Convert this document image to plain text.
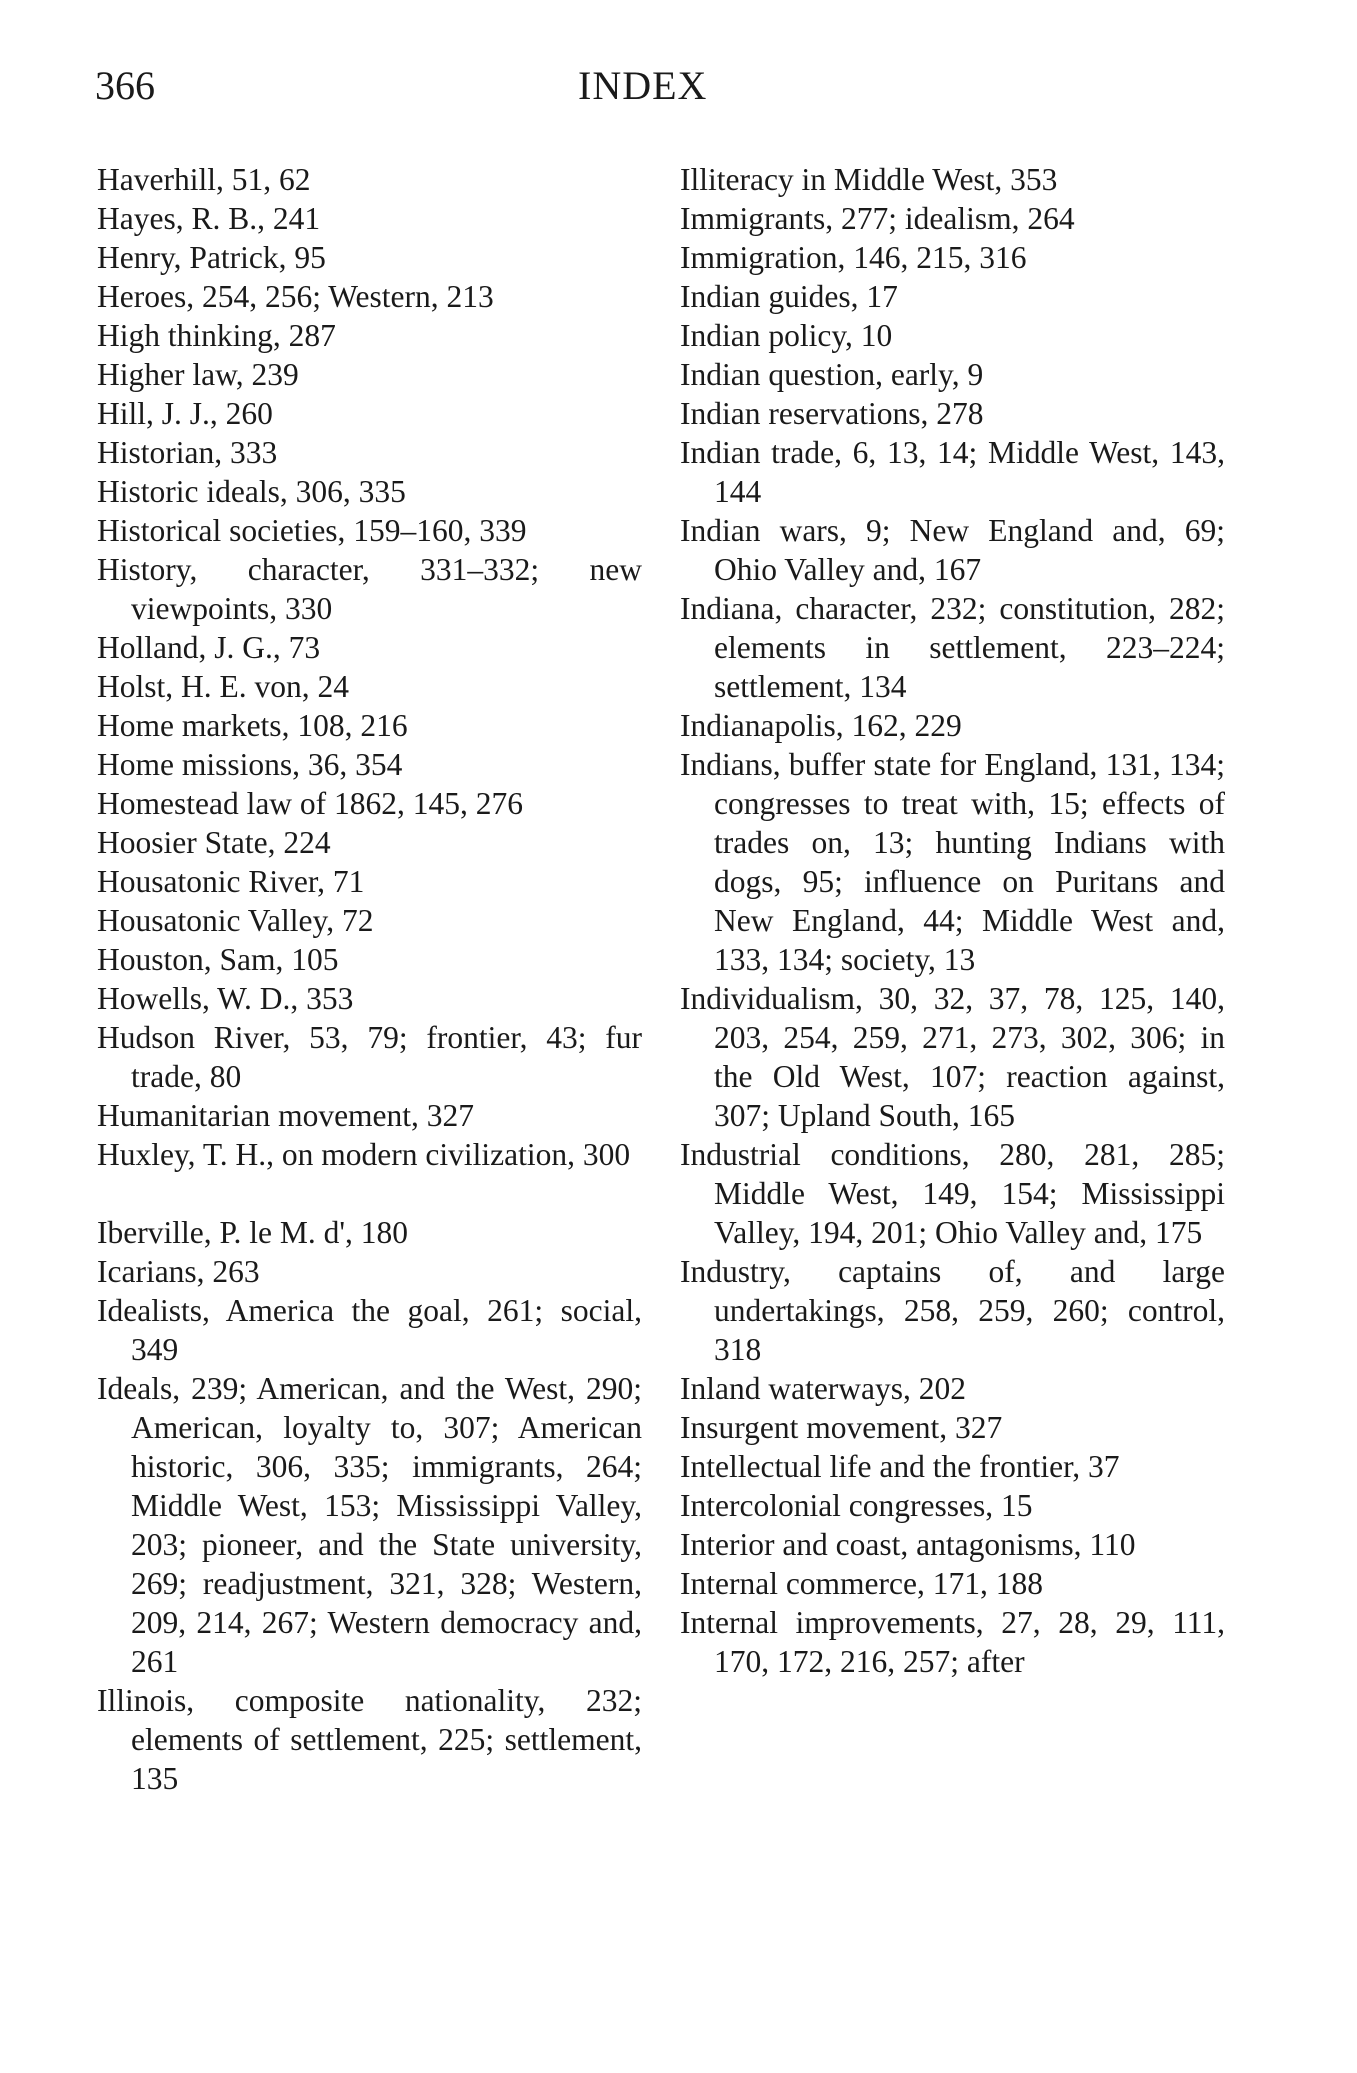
366	INDEX

Haverhill, 51, 62

Hayes, R. B., 241

Henry, Patrick, 95

Heroes, 254, 256; Western, 213

High thinking, 287

Higher law, 239

Hill, J. J., 260

Historian, 333

Historic ideals, 306, 335

Historical societies, 159–160, 339

History, character, 331–332; new viewpoints, 330

Holland, J. G., 73

Holst, H. E. von, 24

Home markets, 108, 216

Home missions, 36, 354

Homestead law of 1862, 145, 276

Hoosier State, 224

Housatonic River, 71

Housatonic Valley, 72

Houston, Sam, 105

Howells, W. D., 353

Hudson River, 53, 79; frontier, 43; fur trade, 80

Humanitarian movement, 327

Huxley, T. H., on modern civilization, 300

Iberville, P. le M. d', 180

Icarians, 263

Idealists, America the goal, 261; social, 349

Ideals, 239; American, and the West, 290; American, loyalty to, 307; American historic, 306, 335; immigrants, 264; Middle West, 153; Mississippi Valley, 203; pioneer, and the State university, 269; readjustment, 321, 328; Western, 209, 214, 267; Western democracy and, 261

Illinois, composite nationality, 232; elements of settlement, 225; settlement, 135

Illiteracy in Middle West, 353

Immigrants, 277; idealism, 264

Immigration, 146, 215, 316

Indian guides, 17

Indian policy, 10

Indian question, early, 9

Indian reservations, 278

Indian trade, 6, 13, 14; Middle West, 143, 144

Indian wars, 9; New England and, 69; Ohio Valley and, 167

Indiana, character, 232; constitution, 282; elements in settlement, 223–224; settlement, 134

Indianapolis, 162, 229

Indians, buffer state for England, 131, 134; congresses to treat with, 15; effects of trades on, 13; hunting Indians with dogs, 95; influence on Puritans and New England, 44; Middle West and, 133, 134; society, 13

Individualism, 30, 32, 37, 78, 125, 140, 203, 254, 259, 271, 273, 302, 306; in the Old West, 107; reaction against, 307; Upland South, 165

Industrial conditions, 280, 281, 285; Middle West, 149, 154; Mississippi Valley, 194, 201; Ohio Valley and, 175

Industry, captains of, and large undertakings, 258, 259, 260; control, 318

Inland waterways, 202

Insurgent movement, 327

Intellectual life and the frontier, 37

Intercolonial congresses, 15

Interior and coast, antagonisms, 110

Internal commerce, 171, 188

Internal improvements, 27, 28, 29, 111, 170, 172, 216, 257; after
